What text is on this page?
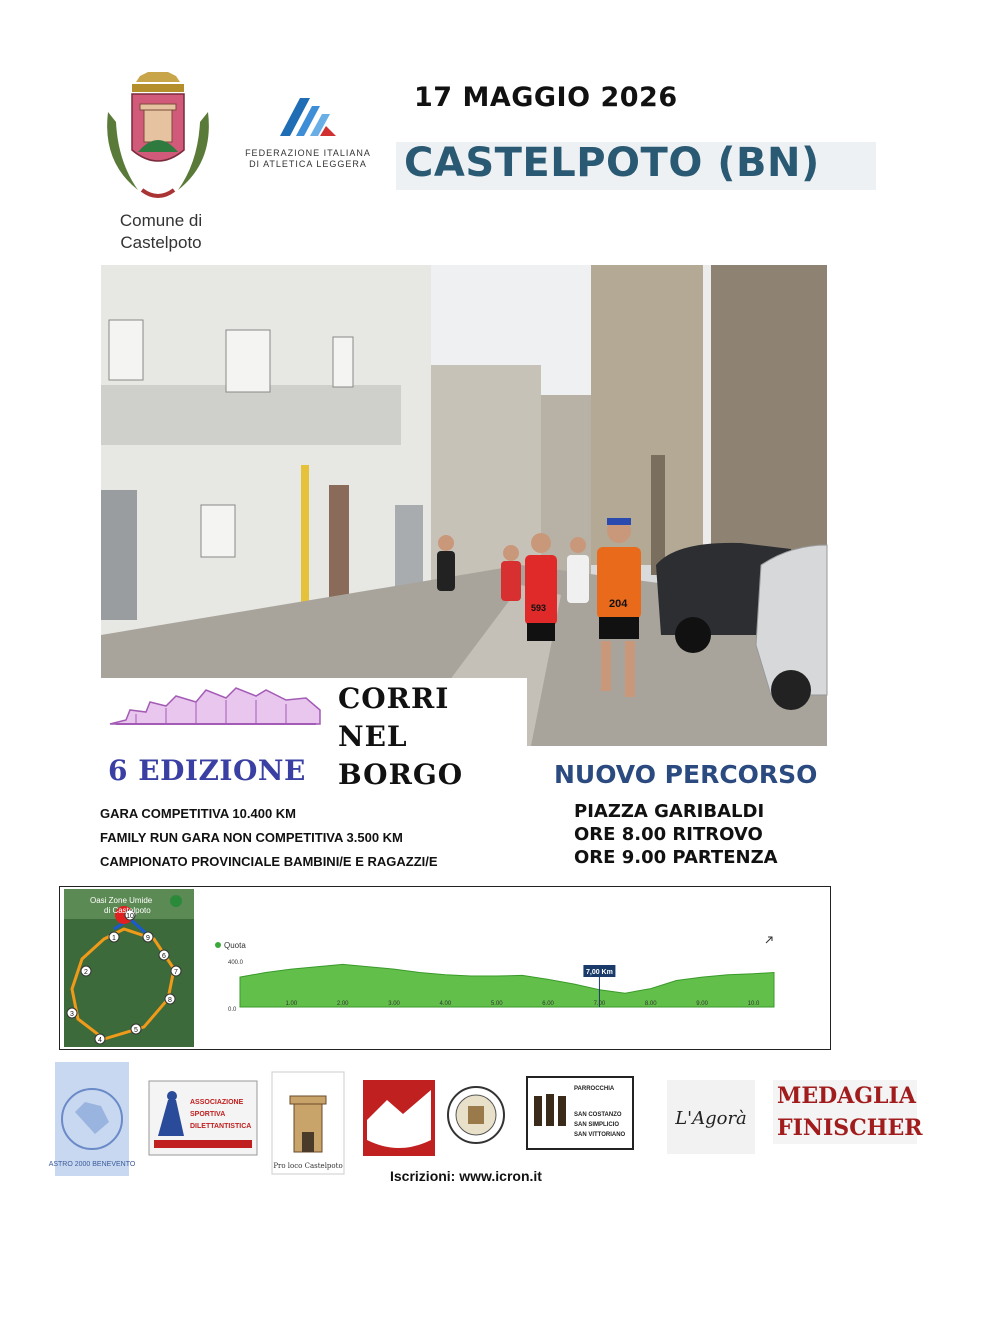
Comune di
Castelpoto
FEDERAZIONE ITALIANA
DI ATLETICA LEGGERA
17 MAGGIO 2026
CASTELPOTO (BN)
204
593
CORRI NEL
BORGO
6 EDIZIONE	NUOVO PERCORSO
GARA COMPETITIVA 10.400 KM
FAMILY RUN GARA NON COMPETITIVA 3.500 KM
CAMPIONATO PROVINCIALE BAMBINI/E E RAGAZZI/E
PIAZZA GARIBALDI
ORE 8.00 RITROVO
ORE 9.00 PARTENZA
1
2
3
4
5
6
7
8
9
10
Oasi Zone Umide
di Castelpoto
Quota
400.0
0.0
7,00 Km
1.00	2.00	3.00	4.00	5.00	6.00	7.00	8.00	9.00	10.0
ASTRO 2000 BENEVENTO
ASSOCIAZIONE
SPORTIVA
DILETTANTISTICA
Pro loco Castelpoto
PARROCCHIA
SAN COSTANZO
SAN SIMPLICIO
SAN VITTORIANO
L'Agorà
MEDAGLIA
FINISCHER
Iscrizioni: www.icron.it
